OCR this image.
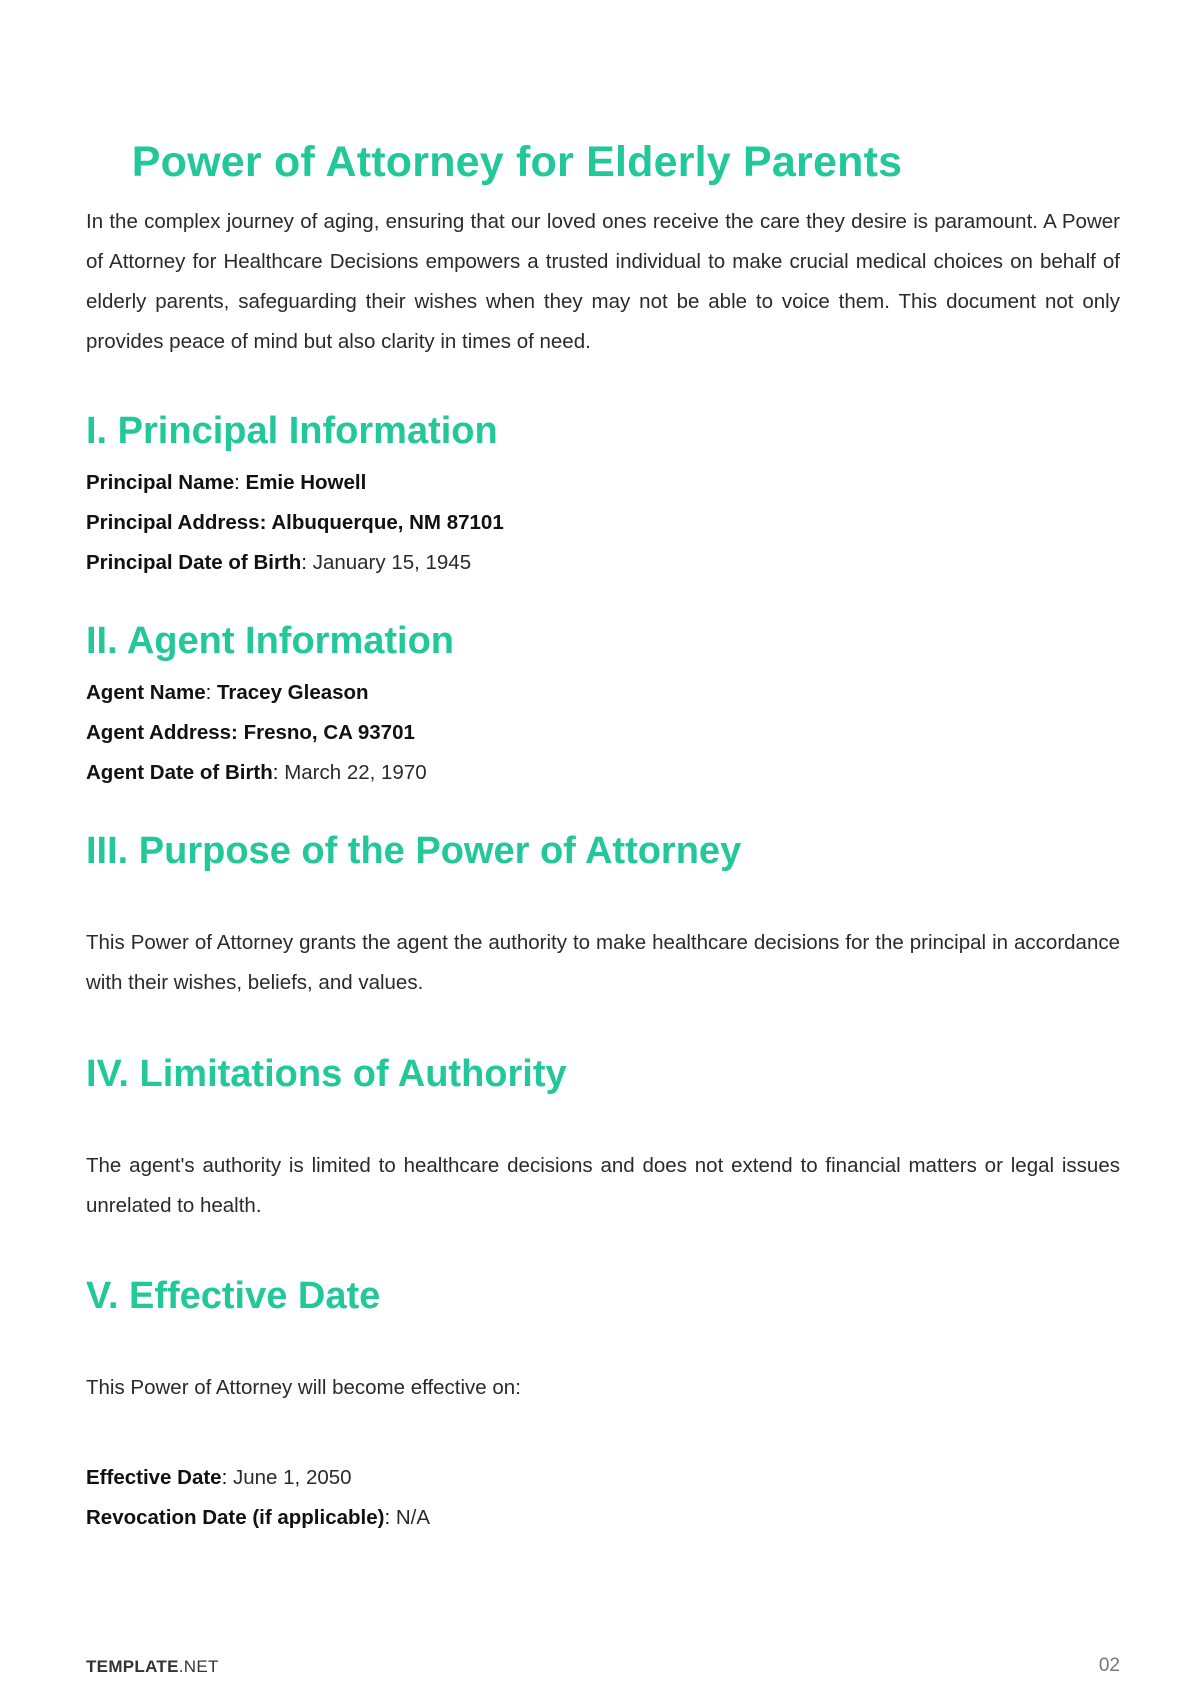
Power of Attorney for Elderly Parents

In the complex journey of aging, ensuring that our loved ones receive the care they desire is paramount. A Power of Attorney for Healthcare Decisions empowers a trusted individual to make crucial medical choices on behalf of elderly parents, safeguarding their wishes when they may not be able to voice them. This document not only provides peace of mind but also clarity in times of need.

I. Principal Information
Principal Name: Emie Howell
Principal Address: Albuquerque, NM 87101
Principal Date of Birth: January 15, 1945
II. Agent Information
Agent Name: Tracey Gleason
Agent Address: Fresno, CA 93701
Agent Date of Birth: March 22, 1970
III. Purpose of the Power of Attorney

This Power of Attorney grants the agent the authority to make healthcare decisions for the principal in accordance with their wishes, beliefs, and values.

IV. Limitations of Authority

The agent's authority is limited to healthcare decisions and does not extend to financial matters or legal issues unrelated to health.

V. Effective Date

This Power of Attorney will become effective on:

Effective Date: June 1, 2050
Revocation Date (if applicable): N/A
TEMPLATE.NET	02
